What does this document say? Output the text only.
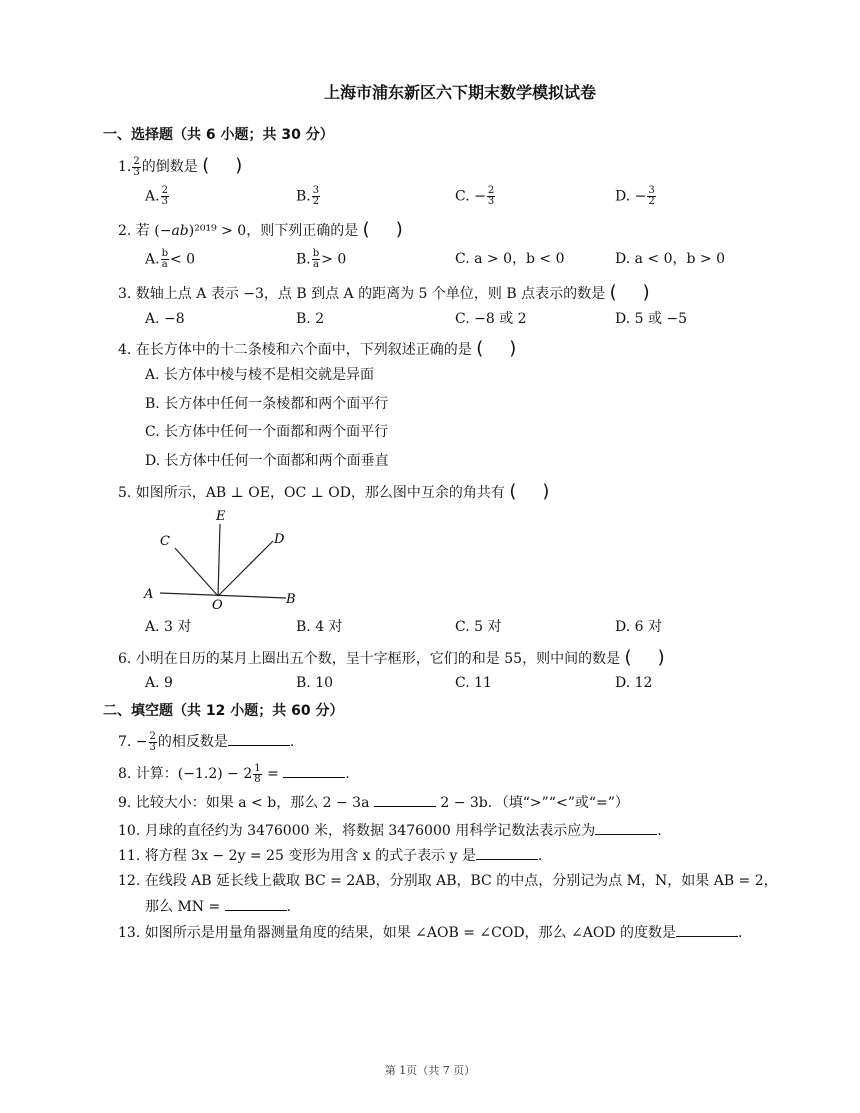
上海市浦东新区六下期末数学模拟试卷
一、选择题（共 6 小题；共 30 分）
1. $\frac{2}{3}$ 的倒数是 ( )
A. $\frac{2}{3}$	B. $\frac{3}{2}$	C. − $\frac{2}{3}$	D. − $\frac{3}{2}$
2. 若 (−ab)²⁰¹⁹ > 0，则下列正确的是 ( )
A. $\frac{b}{a} < 0$	B. $\frac{b}{a} > 0$	C. a > 0，b < 0	D. a < 0，b > 0
3. 数轴上点 A 表示 −3，点 B 到点 A 的距离为 5 个单位，则 B 点表示的数是 ( )
A. −8	B. 2	C. −8 或 2	D. 5 或 −5
4. 在长方体中的十二条棱和六个面中，下列叙述正确的是 ( )
A. 长方体中棱与棱不是相交就是异面
B. 长方体中任何一条棱都和两个面平行
C. 长方体中任何一个面都和两个面平行
D. 长方体中任何一个面都和两个面垂直
5. 如图所示，AB ⊥ OE，OC ⊥ OD，那么图中互余的角共有 ( )
E
C	D
A
O	B
A. 3 对	B. 4 对	C. 5 对	D. 6 对
6. 小明在日历的某月上圈出五个数，呈十字框形，它们的和是 55，则中间的数是 ( )
A. 9	B. 10	C. 11	D. 12
二、填空题（共 12 小题；共 60 分）
7. − $\frac{2}{3}$ 的相反数是	.
8. 计算：$(-1.2) - 2 \frac{1}{8}$ =	.
9. 比较大小：如果 a < b，那么 2 − 3a	2 − 3b．（填“>”“<”或“=”）
10. 月球的直径约为 3476000 米，将数据 3476000 用科学记数法表示应为	.
11. 将方程 3x − 2y = 25 变形为用含 x 的式子表示 y 是	.
12. 在线段 AB 延长线上截取 BC = 2AB，分别取 AB，BC 的中点，分别记为点 M，N，如果 AB = 2，
那么 MN =	.
13. 如图所示是用量角器测量角度的结果，如果 ∠AOB = ∠COD，那么 ∠AOD 的度数是	.
第 1页（共 7 页）
